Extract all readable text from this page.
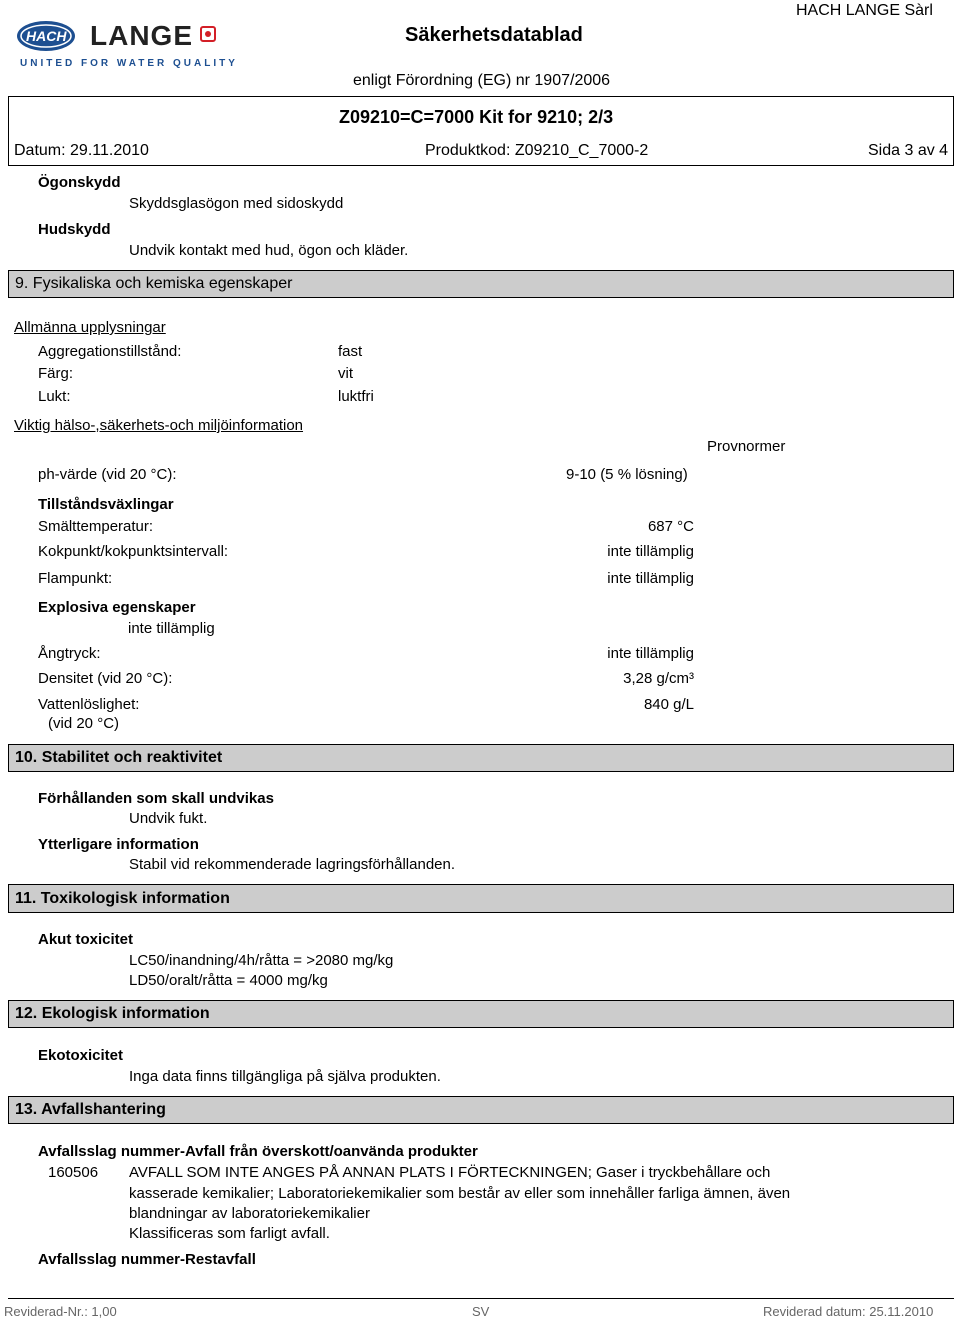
HACH LANGE
UNITED FOR WATER QUALITY
Säkerhetsdatablad
HACH LANGE Sàrl
enligt Förordning (EG) nr 1907/2006
Z09210=C=7000 Kit for 9210; 2/3
Datum: 29.11.2010	Produktkod: Z09210_C_7000-2	Sida 3 av 4
Ögonskydd
Skyddsglasögon med sidoskydd
Hudskydd
Undvik kontakt med hud, ögon och kläder.
9. Fysikaliska och kemiska egenskaper
Allmänna upplysningar
Aggregationstillstånd:	fast
Färg:	vit
Lukt:	luktfri
Viktig hälso-,säkerhets-och miljöinformation
Provnormer
ph-värde (vid 20 °C):	9-10 (5 % lösning)
Tillståndsväxlingar
Smälttemperatur:	687 °C
Kokpunkt/kokpunktsintervall:	inte tillämplig
Flampunkt:	inte tillämplig
Explosiva egenskaper
inte tillämplig
Ångtryck:	inte tillämplig
Densitet (vid 20 °C):	3,28 g/cm³
Vattenlöslighet:	840 g/L
(vid 20 °C)
10. Stabilitet och reaktivitet
Förhållanden som skall undvikas
Undvik fukt.
Ytterligare information
Stabil vid rekommenderade lagringsförhållanden.
11. Toxikologisk information
Akut toxicitet
LC50/inandning/4h/råtta = >2080 mg/kg
LD50/oralt/råtta = 4000 mg/kg
12. Ekologisk information
Ekotoxicitet
Inga data finns tillgängliga på själva produkten.
13. Avfallshantering
Avfallsslag nummer-Avfall från överskott/oanvända produkter
160506 AVFALL SOM INTE ANGES PÅ ANNAN PLATS I FÖRTECKNINGEN; Gaser i tryckbehållare och
kasserade kemikalier; Laboratoriekemikalier som består av eller som innehåller farliga ämnen, även
blandningar av laboratoriekemikalier
Klassificeras som farligt avfall.
Avfallsslag nummer-Restavfall
Reviderad-Nr.: 1,00	SV	Reviderad datum: 25.11.2010
